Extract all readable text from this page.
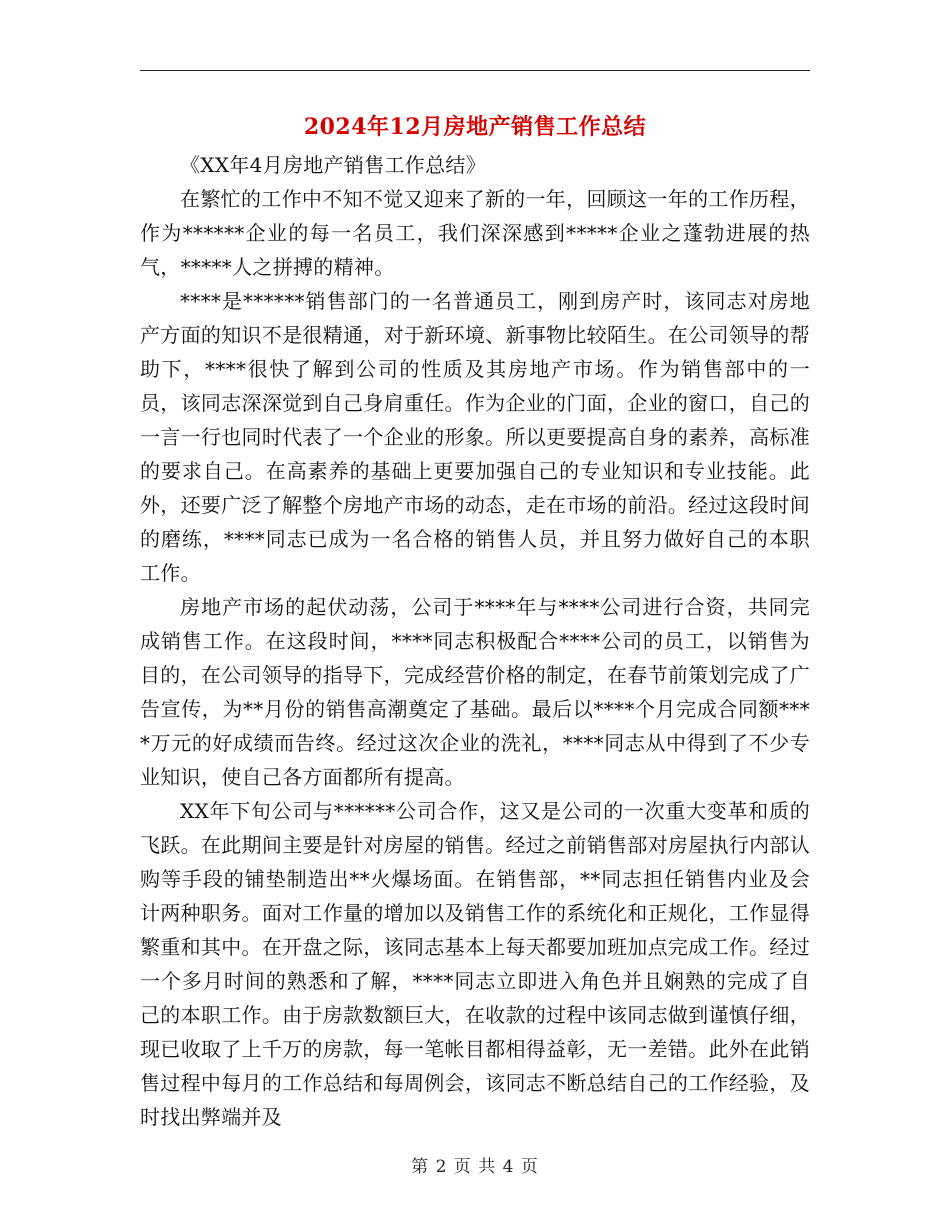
2024年12月房地产销售工作总结

《XX年4月房地产销售工作总结》

在繁忙的工作中不知不觉又迎来了新的一年，回顾这一年的工作历程，作为******企业的每一名员工，我们深深感到*****企业之蓬勃进展的热气，*****人之拼搏的精神。

****是******销售部门的一名普通员工，刚到房产时，该同志对房地产方面的知识不是很精通，对于新环境、新事物比较陌生。在公司领导的帮助下，****很快了解到公司的性质及其房地产市场。作为销售部中的一员，该同志深深觉到自己身肩重任。作为企业的门面，企业的窗口，自己的一言一行也同时代表了一个企业的形象。所以更要提高自身的素养，高标准的要求自己。在高素养的基础上更要加强自己的专业知识和专业技能。此外，还要广泛了解整个房地产市场的动态，走在市场的前沿。经过这段时间的磨练，****同志已成为一名合格的销售人员，并且努力做好自己的本职工作。

房地产市场的起伏动荡，公司于****年与****公司进行合资，共同完成销售工作。在这段时间，****同志积极配合****公司的员工，以销售为目的，在公司领导的指导下，完成经营价格的制定，在春节前策划完成了广告宣传，为**月份的销售高潮奠定了基础。最后以****个月完成合同额****万元的好成绩而告终。经过这次企业的洗礼，****同志从中得到了不少专业知识，使自己各方面都所有提高。

XX年下旬公司与******公司合作，这又是公司的一次重大变革和质的飞跃。在此期间主要是针对房屋的销售。经过之前销售部对房屋执行内部认购等手段的铺垫制造出**火爆场面。在销售部，**同志担任销售内业及会计两种职务。面对工作量的增加以及销售工作的系统化和正规化，工作显得繁重和其中。在开盘之际，该同志基本上每天都要加班加点完成工作。经过一个多月时间的熟悉和了解，****同志立即进入角色并且娴熟的完成了自己的本职工作。由于房款数额巨大，在收款的过程中该同志做到谨慎仔细，现已收取了上千万的房款，每一笔帐目都相得益彰，无一差错。此外在此销售过程中每月的工作总结和每周例会，该同志不断总结自己的工作经验，及时找出弊端并及

第 2 页 共 4 页
